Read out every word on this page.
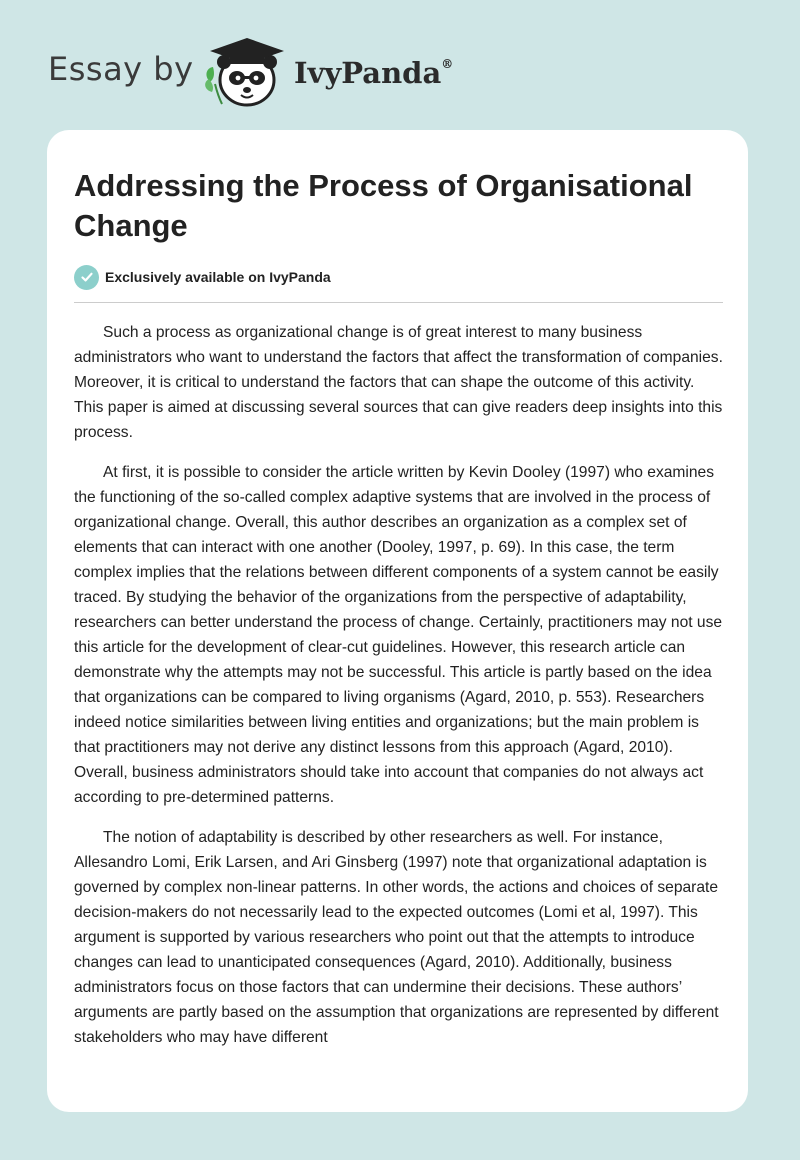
Essay by	IvyPanda®
Addressing the Process of Organisational Change
Exclusively available on IvyPanda

Such a process as organizational change is of great interest to many business administrators who want to understand the factors that affect the transformation of companies. Moreover, it is critical to understand the factors that can shape the outcome of this activity. This paper is aimed at discussing several sources that can give readers deep insights into this process.

At first, it is possible to consider the article written by Kevin Dooley (1997) who examines the functioning of the so-called complex adaptive systems that are involved in the process of organizational change. Overall, this author describes an organization as a complex set of elements that can interact with one another (Dooley, 1997, p. 69). In this case, the term complex implies that the relations between different components of a system cannot be easily traced. By studying the behavior of the organizations from the perspective of adaptability, researchers can better understand the process of change. Certainly, practitioners may not use this article for the development of clear-cut guidelines. However, this research article can demonstrate why the attempts may not be successful. This article is partly based on the idea that organizations can be compared to living organisms (Agard, 2010, p. 553). Researchers indeed notice similarities between living entities and organizations; but the main problem is that practitioners may not derive any distinct lessons from this approach (Agard, 2010). Overall, business administrators should take into account that companies do not always act according to pre-determined patterns.

The notion of adaptability is described by other researchers as well. For instance, Allesandro Lomi, Erik Larsen, and Ari Ginsberg (1997) note that organizational adaptation is governed by complex non-linear patterns. In other words, the actions and choices of separate decision-makers do not necessarily lead to the expected outcomes (Lomi et al, 1997). This argument is supported by various researchers who point out that the attempts to introduce changes can lead to unanticipated consequences (Agard, 2010). Additionally, business administrators focus on those factors that can undermine their decisions. These authors’ arguments are partly based on the assumption that organizations are represented by different stakeholders who may have different
